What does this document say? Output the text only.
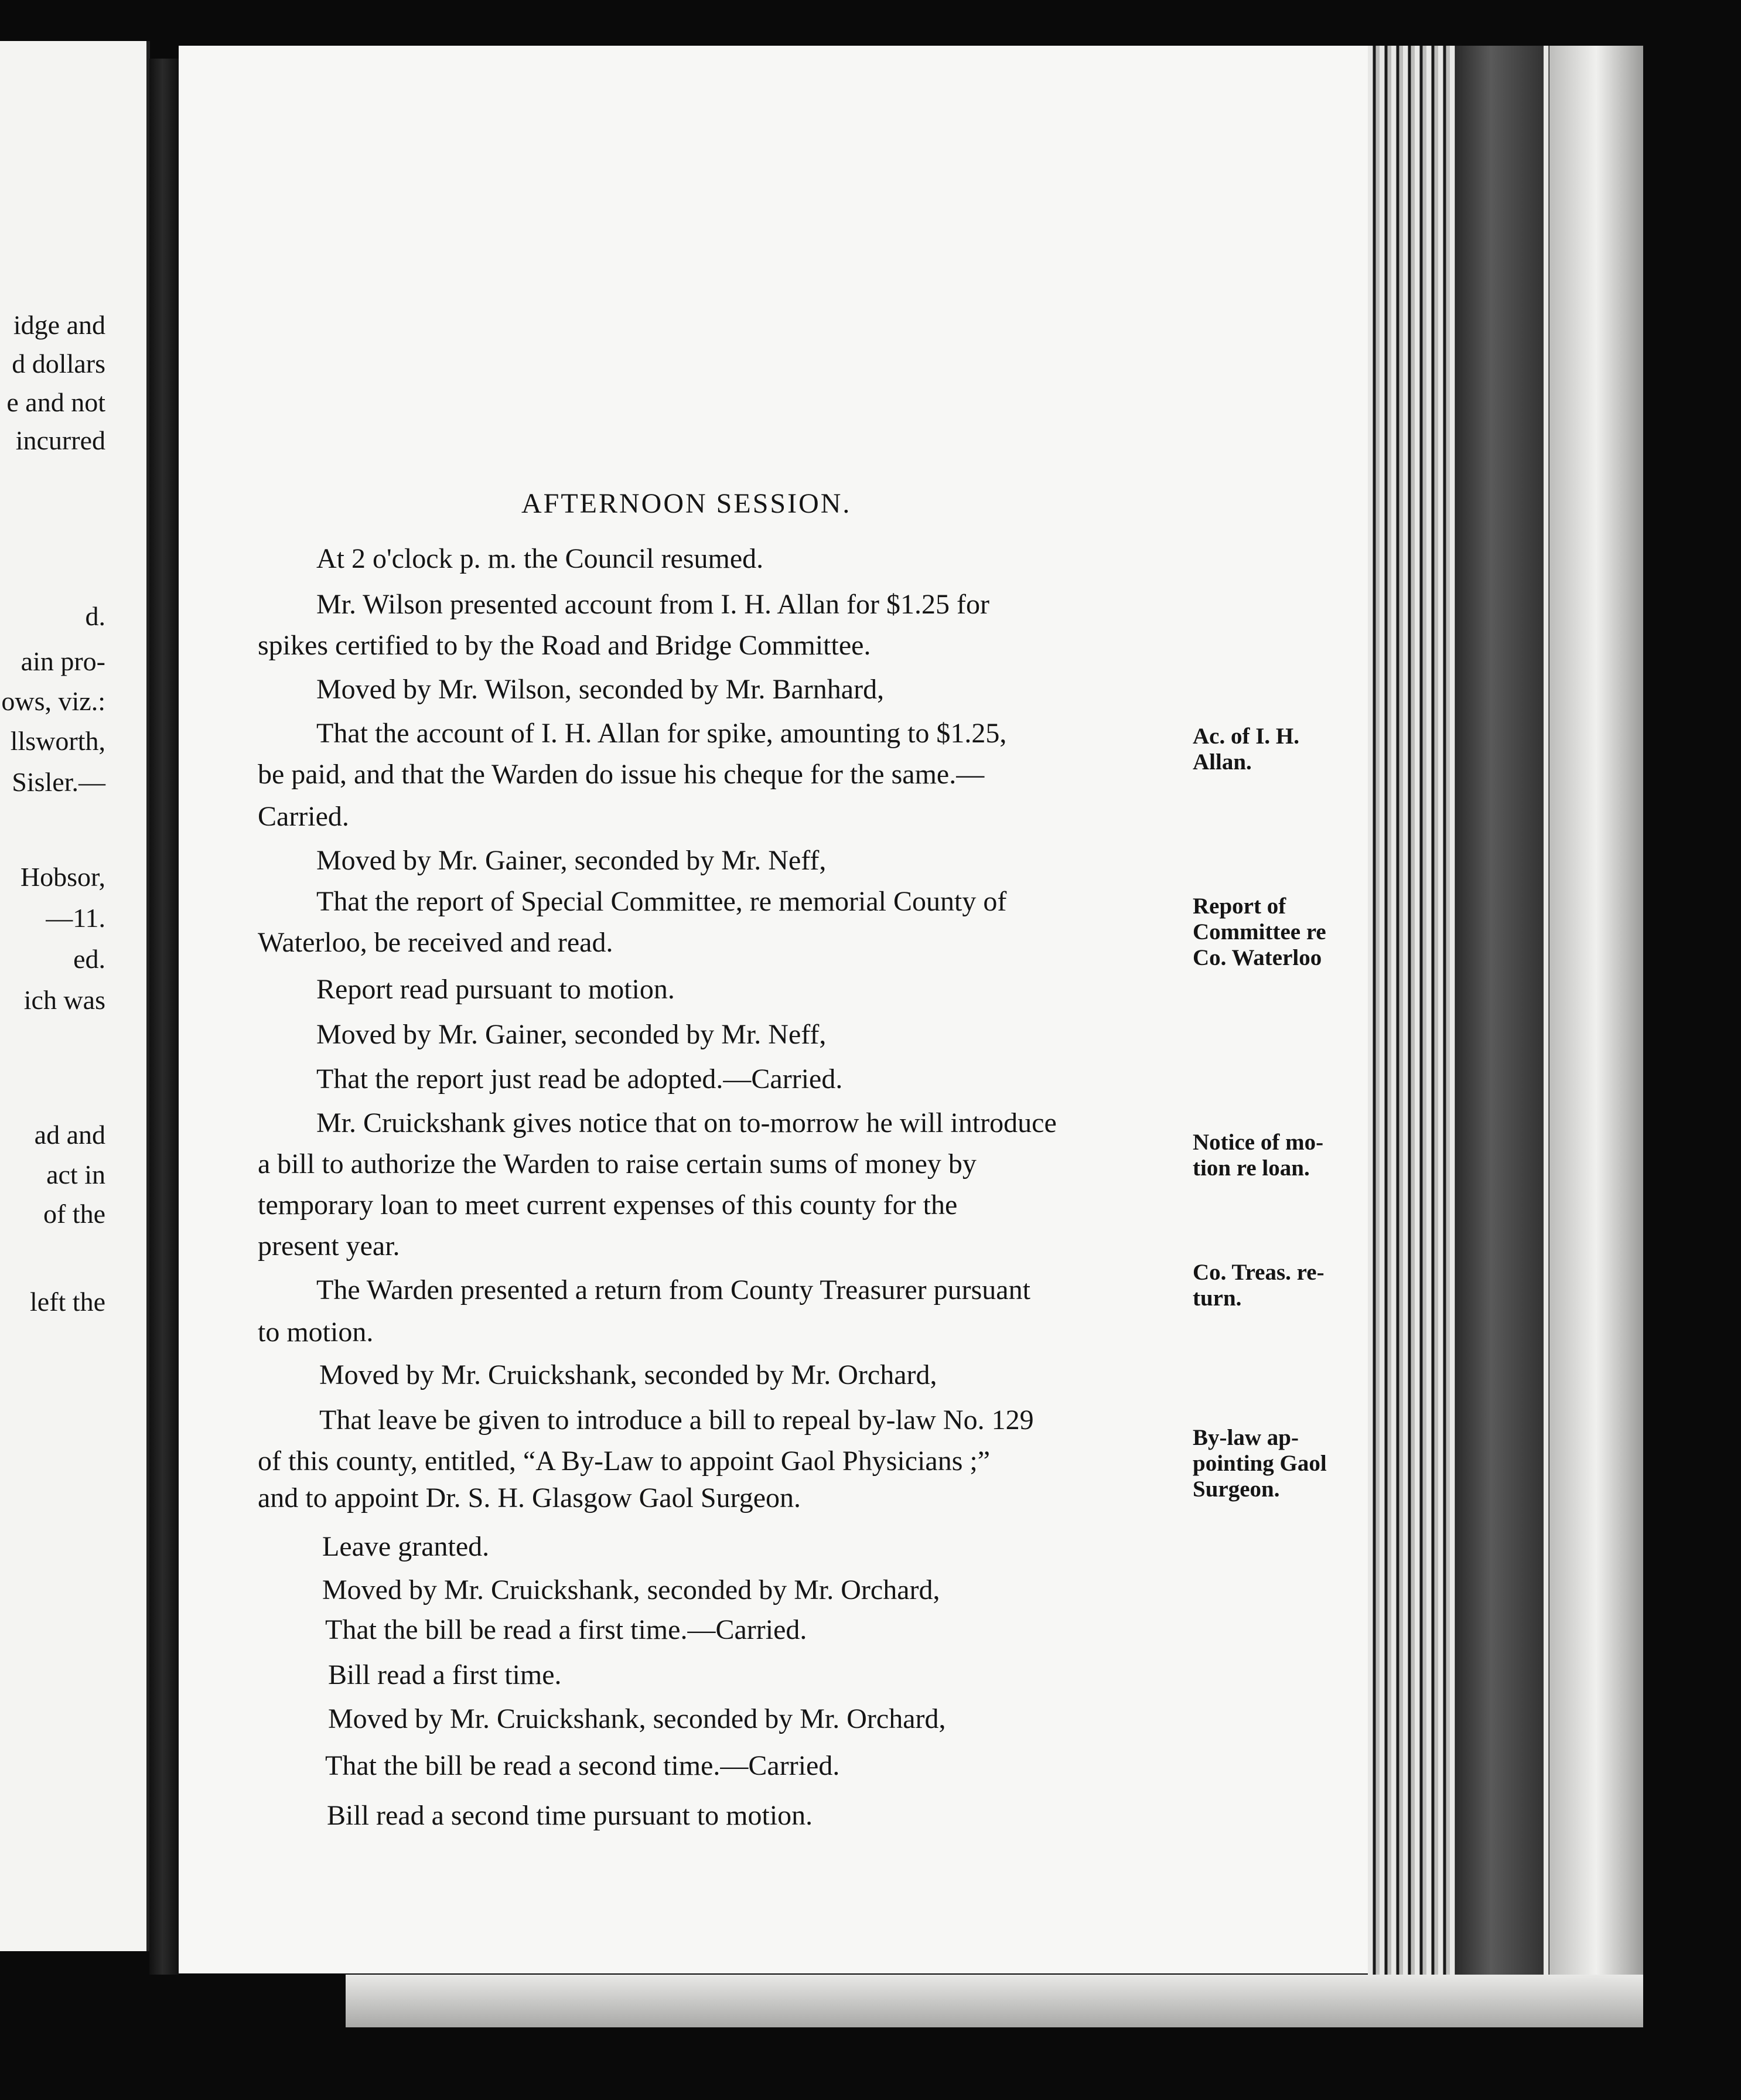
idge and
d dollars
e and not
incurred
d.
ain pro-
ows, viz.:
llsworth,
Sisler.—
Hobsor,
—11.
ed.
ich was
ad and
act in
of the
left the
AFTERNOON SESSION.
At 2 o'clock p. m. the Council resumed.
Mr. Wilson presented account from I. H. Allan for $1.25 for
spikes certified to by the Road and Bridge Committee.
Moved by Mr. Wilson, seconded by Mr. Barnhard,
That the account of I. H. Allan for spike, amounting to $1.25,
be paid, and that the Warden do issue his cheque for the same.—
Carried.
Moved by Mr. Gainer, seconded by Mr. Neff,
That the report of Special Committee, re memorial County of
Waterloo, be received and read.
Report read pursuant to motion.
Moved by Mr. Gainer, seconded by Mr. Neff,
That the report just read be adopted.—Carried.
Mr. Cruickshank gives notice that on to-morrow he will introduce
a bill to authorize the Warden to raise certain sums of money by
temporary loan to meet current expenses of this county for the
present year.
The Warden presented a return from County Treasurer pursuant
to motion.
Moved by Mr. Cruickshank, seconded by Mr. Orchard,
That leave be given to introduce a bill to repeal by-law No. 129
of this county, entitled, “A By-Law to appoint Gaol Physicians ;”
and to appoint Dr. S. H. Glasgow Gaol Surgeon.
Leave granted.
Moved by Mr. Cruickshank, seconded by Mr. Orchard,
That the bill be read a first time.—Carried.
Bill read a first time.
Moved by Mr. Cruickshank, seconded by Mr. Orchard,
That the bill be read a second time.—Carried.
Bill read a second time pursuant to motion.
Ac. of I. H.
Allan.
Report of
Committee re
Co. Waterloo
Notice of mo-
tion re loan.
Co. Treas. re-
turn.
By-law ap-
pointing Gaol
Surgeon.
